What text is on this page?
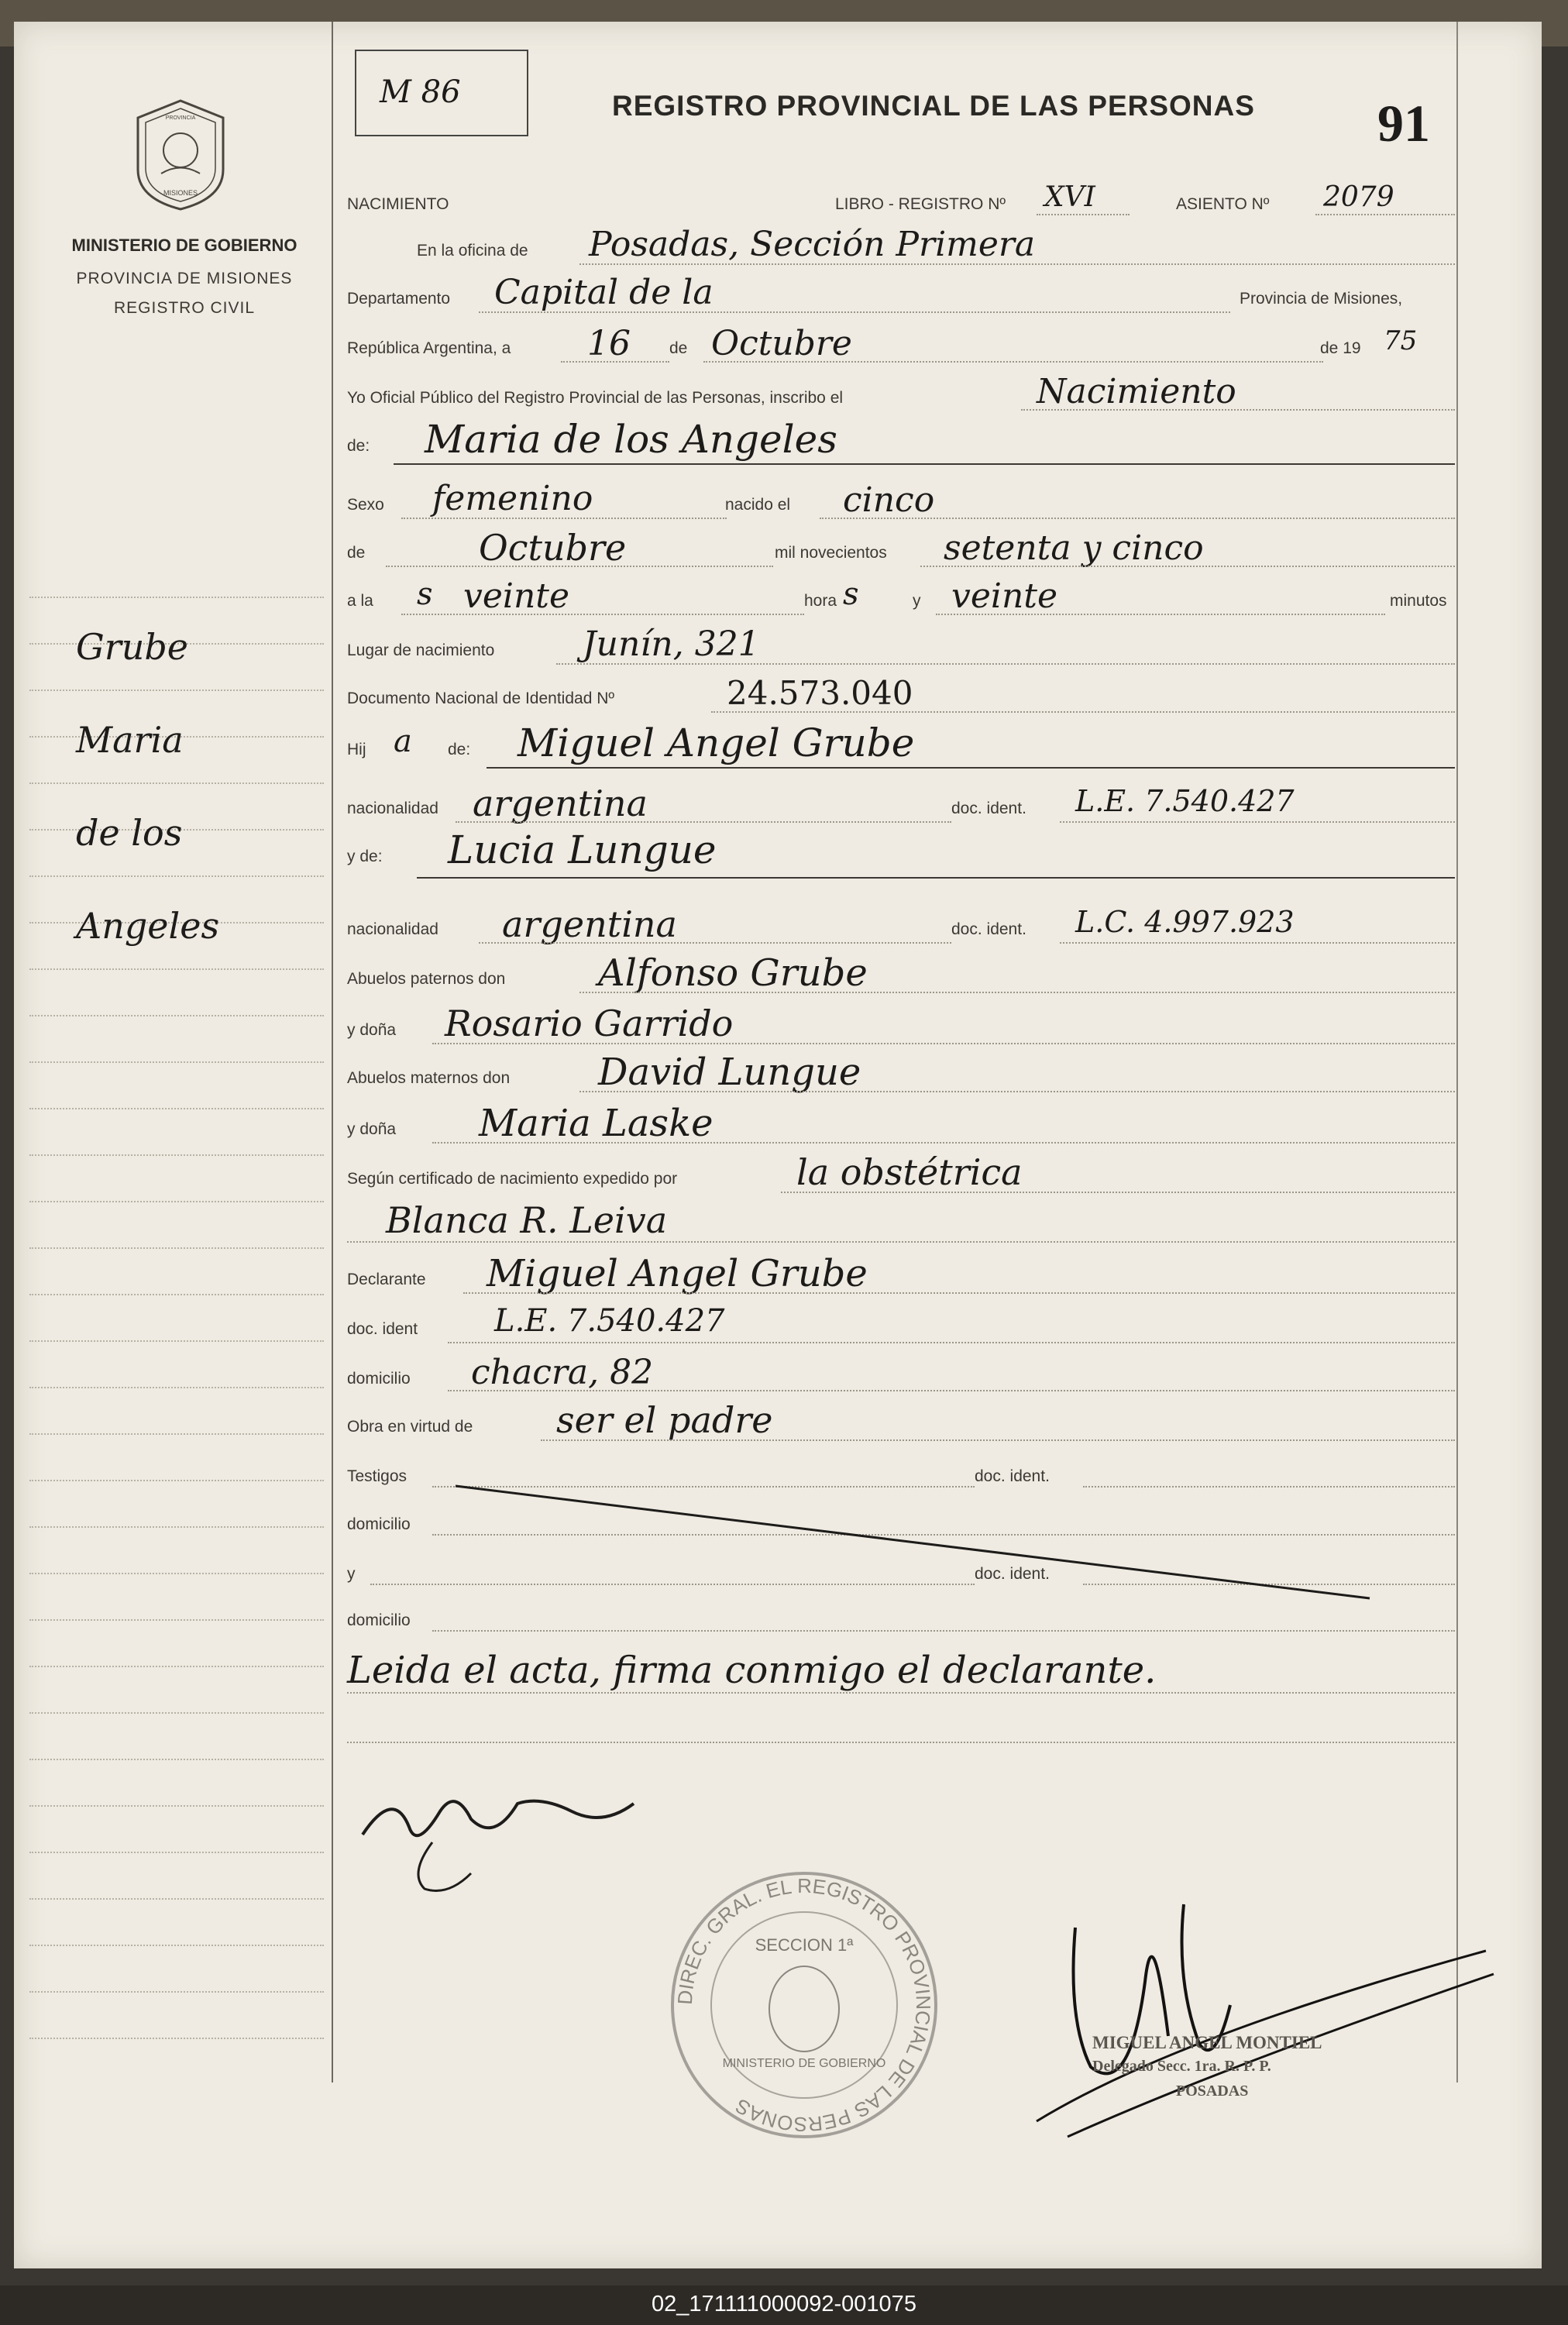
MISIONES
PROVINCIA
MINISTERIO DE GOBIERNO
PROVINCIA DE MISIONES
REGISTRO CIVIL
Grube
Maria
de los
Angeles
M 86	REGISTRO PROVINCIAL DE LAS PERSONAS 91
NACIMIENTO	LIBRO - REGISTRO Nº XVI	ASIENTO Nº 2079
En la oficina de Posadas, Sección Primera
Departamento Capital de la	Provincia de Misiones,
República Argentina, a 16 de Octubre	de 19 75
Yo Oficial Público del Registro Provincial de las Personas, inscribo el	Nacimiento
de: Maria de los Angeles
Sexo femenino	nacido el cinco
de	Octubre	mil novecientos setenta y cinco
a la s veinte	hora s	y veinte	minutos
Lugar de nacimiento	Junín, 321
Documento Nacional de Identidad Nº	24.573.040
Hij a de: Miguel Angel Grube
nacionalidad argentina	doc. ident. L.E. 7.540.427
y de: Lucia Lungue
nacionalidad argentina	doc. ident. L.C. 4.997.923
Abuelos paternos don Alfonso Grube
y doña Rosario Garrido
Abuelos maternos don David Lungue
y doña Maria Laske
Según certificado de nacimiento expedido por	la obstétrica
Blanca R. Leiva
Declarante Miguel Angel Grube
doc. ident L.E. 7.540.427
domicilio chacra, 82
Obra en virtud de ser el padre
Testigos	doc. ident.
domicilio
y	doc. ident.
domicilio
Leida el acta, firma conmigo el declarante.
DIREC. GRAL. EL REGISTRO PROVINCIAL DE LAS PERSONAS
SECCION 1ª
MINISTERIO DE GOBIERNO
MIGUEL ANGEL MONTIEL
Delegado Secc. 1ra. R. P. P.
POSADAS
02_171111000092-001075
